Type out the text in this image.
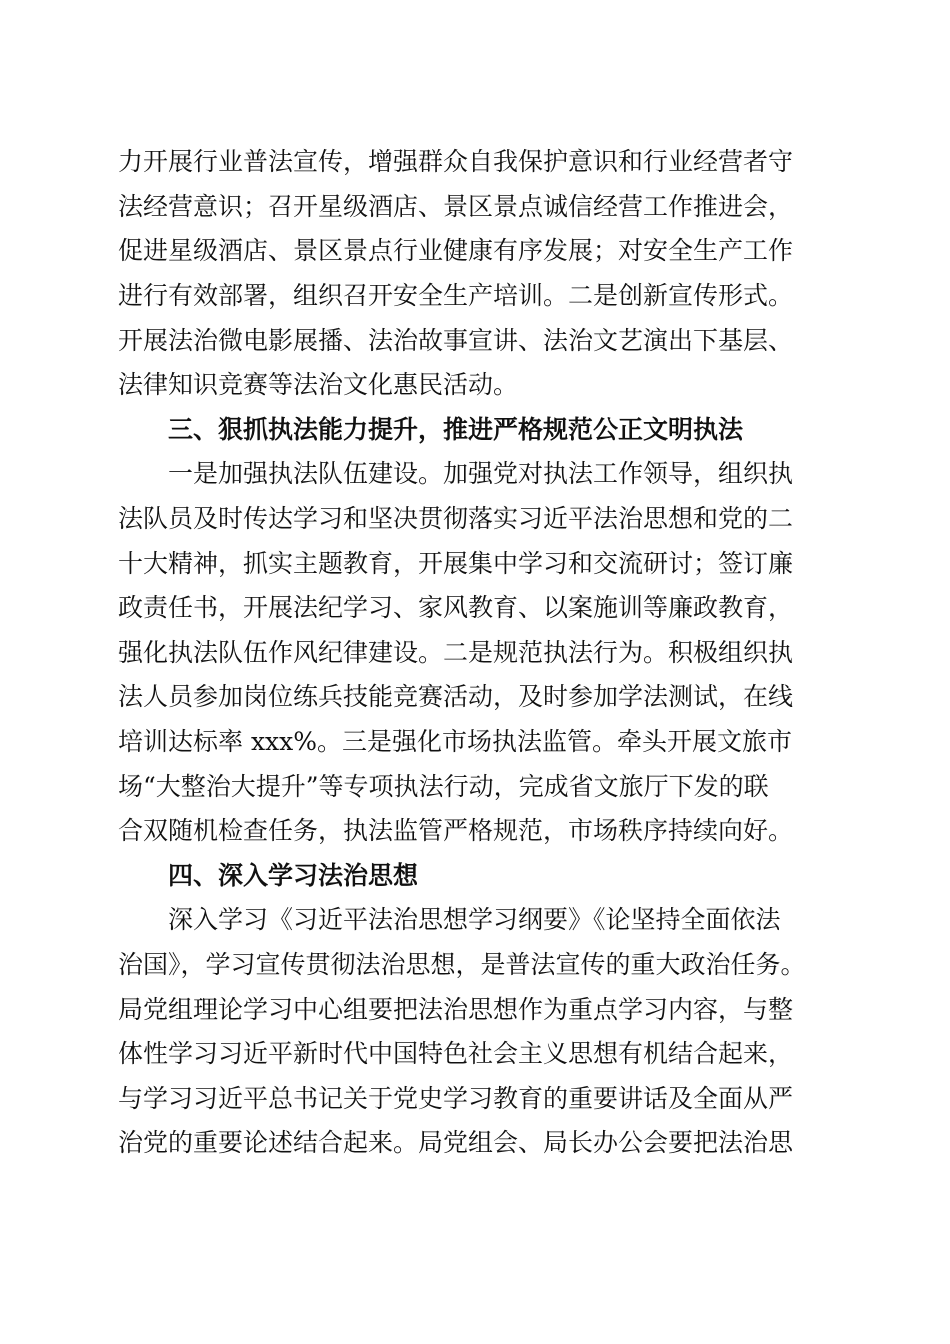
力开展行业普法宣传，增强群众自我保护意识和行业经营者守
法经营意识；召开星级酒店、景区景点诚信经营工作推进会，
促进星级酒店、景区景点行业健康有序发展；对安全生产工作
进行有效部署，组织召开安全生产培训。二是创新宣传形式。
开展法治微电影展播、法治故事宣讲、法治文艺演出下基层、
法律知识竞赛等法治文化惠民活动。
三、狠抓执法能力提升，推进严格规范公正文明执法
一是加强执法队伍建设。加强党对执法工作领导，组织执
法队员及时传达学习和坚决贯彻落实习近平法治思想和党的二
十大精神，抓实主题教育，开展集中学习和交流研讨；签订廉
政责任书，开展法纪学习、家风教育、以案施训等廉政教育，
强化执法队伍作风纪律建设。二是规范执法行为。积极组织执
法人员参加岗位练兵技能竞赛活动，及时参加学法测试，在线
培训达标率 xxx%。三是强化市场执法监管。牵头开展文旅市
场“大整治大提升”等专项执法行动，完成省文旅厅下发的联
合双随机检查任务，执法监管严格规范，市场秩序持续向好。
四、深入学习法治思想
深入学习《习近平法治思想学习纲要》《论坚持全面依法
治国》，学习宣传贯彻法治思想，是普法宣传的重大政治任务。
局党组理论学习中心组要把法治思想作为重点学习内容，与整
体性学习习近平新时代中国特色社会主义思想有机结合起来，
与学习习近平总书记关于党史学习教育的重要讲话及全面从严
治党的重要论述结合起来。局党组会、局长办公会要把法治思
